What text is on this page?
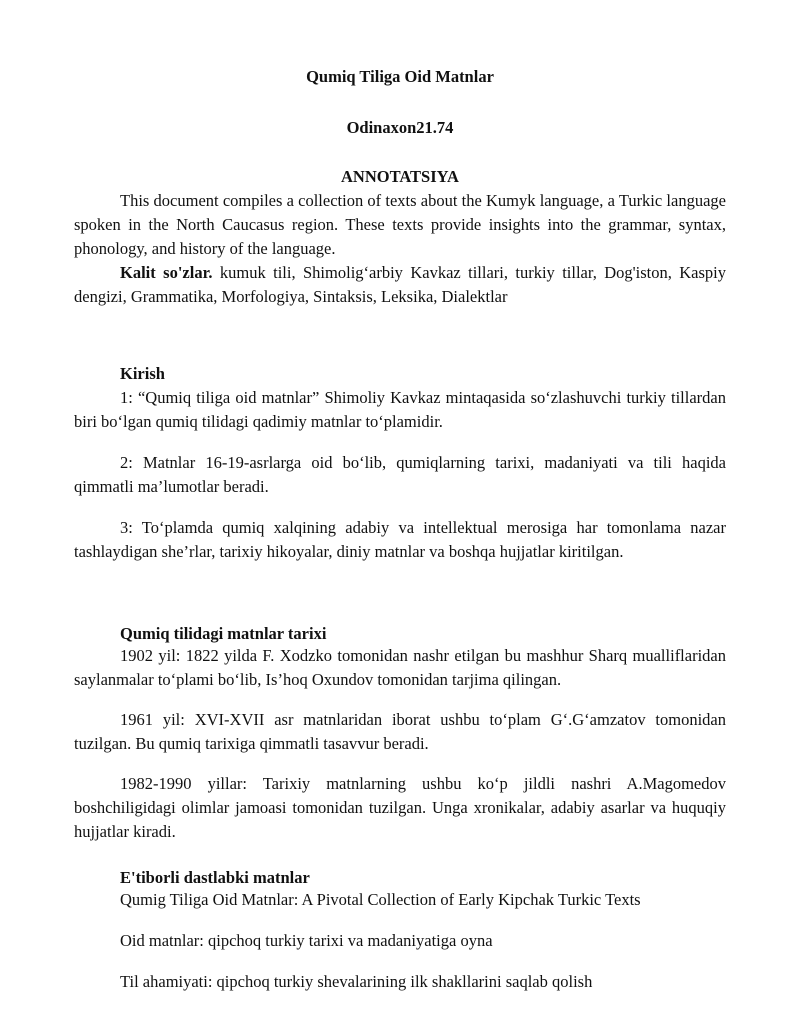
Qumiq Tiliga Oid Matnlar
Odinaxon21.74
ANNOTATSIYA
This document compiles a collection of texts about the Kumyk language, a Turkic language spoken in the North Caucasus region. These texts provide insights into the grammar, syntax, phonology, and history of the language.
Kalit so'zlar. kumuk tili, Shimolig‘arbiy Kavkaz tillari, turkiy tillar, Dog'iston, Kaspiy dengizi, Grammatika, Morfologiya, Sintaksis, Leksika, Dialektlar
Kirish
1: “Qumiq tiliga oid matnlar” Shimoliy Kavkaz mintaqasida so‘zlashuvchi turkiy tillardan biri bo‘lgan qumiq tilidagi qadimiy matnlar to‘plamidir.
2: Matnlar 16-19-asrlarga oid bo‘lib, qumiqlarning tarixi, madaniyati va tili haqida qimmatli ma’lumotlar beradi.
3: To‘plamda qumiq xalqining adabiy va intellektual merosiga har tomonlama nazar tashlaydigan she’rlar, tarixiy hikoyalar, diniy matnlar va boshqa hujjatlar kiritilgan.
Qumiq tilidagi matnlar tarixi
1902 yil: 1822 yilda F. Xodzko tomonidan nashr etilgan bu mashhur Sharq mualliflaridan saylanmalar to‘plami bo‘lib, Is’hoq Oxundov tomonidan tarjima qilingan.
1961 yil: XVI-XVII asr matnlaridan iborat ushbu to‘plam G‘.G‘amzatov tomonidan tuzilgan. Bu qumiq tarixiga qimmatli tasavvur beradi.
1982-1990 yillar: Tarixiy matnlarning ushbu ko‘p jildli nashri A.Magomedov boshchiligidagi olimlar jamoasi tomonidan tuzilgan. Unga xronikalar, adabiy asarlar va huquqiy hujjatlar kiradi.
E'tiborli dastlabki matnlar
Qumig Tiliga Oid Matnlar: A Pivotal Collection of Early Kipchak Turkic Texts
Oid matnlar: qipchoq turkiy tarixi va madaniyatiga oyna
Til ahamiyati: qipchoq turkiy shevalarining ilk shakllarini saqlab qolish
